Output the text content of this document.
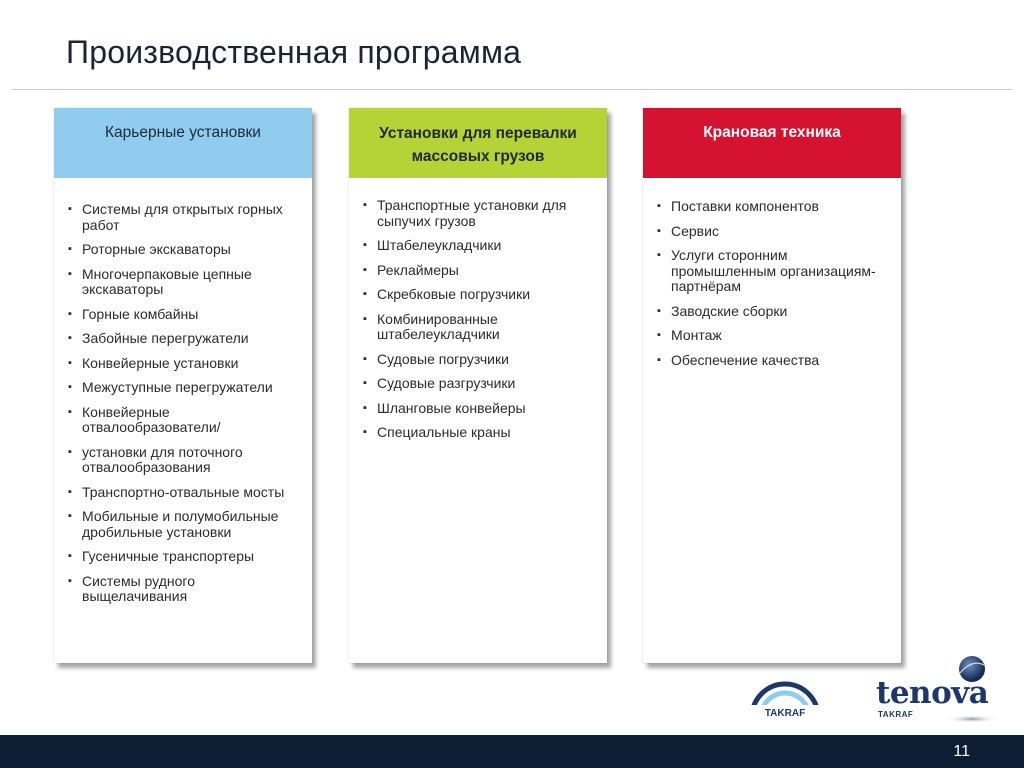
Производственная программа
Карьерные установки
▪ Системы для открытых горных работ
▪ Роторные экскаваторы
▪ Многочерпаковые цепные экскаваторы
▪ Горные комбайны
▪ Забойные перегружатели
▪ Конвейерные установки
▪ Межуступные перегружатели
▪ Конвейерные отвалообразователи/
▪ установки для поточного отвалообразования
▪ Транспортно-отвальные мосты
▪ Мобильные и полумобильные дробильные установки
▪ Гусеничные транспортеры
▪ Системы рудного выщелачивания
Установки для перевалки массовых грузов
▪ Транспортные установки для сыпучих грузов
▪ Штабелеукладчики
▪ Реклаймеры
▪ Скребковые погрузчики
▪ Комбинированные штабелеукладчики
▪ Судовые погрузчики
▪ Судовые разгрузчики
▪ Шланговые конвейеры
▪ Специальные краны
Крановая техника
▪ Поставки компонентов
▪ Сервис
▪ Услуги сторонним промышленным организациям-партнёрам
▪ Заводские сборки
▪ Монтаж
▪ Обеспечение качества
TAKRAF
tenova
TAKRAF
11
